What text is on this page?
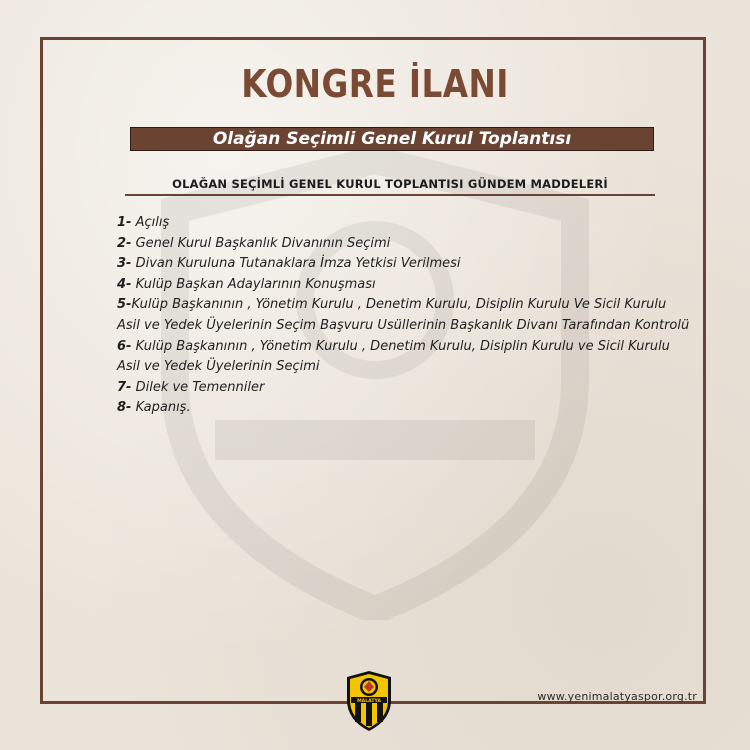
KONGRE İLANI
Olağan Seçimli Genel Kurul Toplantısı
OLAĞAN SEÇİMLİ GENEL KURUL TOPLANTISI GÜNDEM MADDELERİ

1- Açılış

2- Genel Kurul Başkanlık Divanının Seçimi

3- Divan Kuruluna Tutanaklara İmza Yetkisi Verilmesi

4- Kulüp Başkan Adaylarının Konuşması

5-Kulüp Başkanının , Yönetim Kurulu , Denetim Kurulu, Disiplin Kurulu Ve Sicil Kurulu Asil ve Yedek Üyelerinin Seçim Başvuru Usüllerinin Başkanlık Divanı Tarafından Kontrolü

6- Kulüp Başkanının , Yönetim Kurulu , Denetim Kurulu, Disiplin Kurulu ve Sicil Kurulu Asil ve Yedek Üyelerinin Seçimi

7- Dilek ve Temenniler

8- Kapanış.

MALATYA	www.yenimalatyaspor.org.tr
